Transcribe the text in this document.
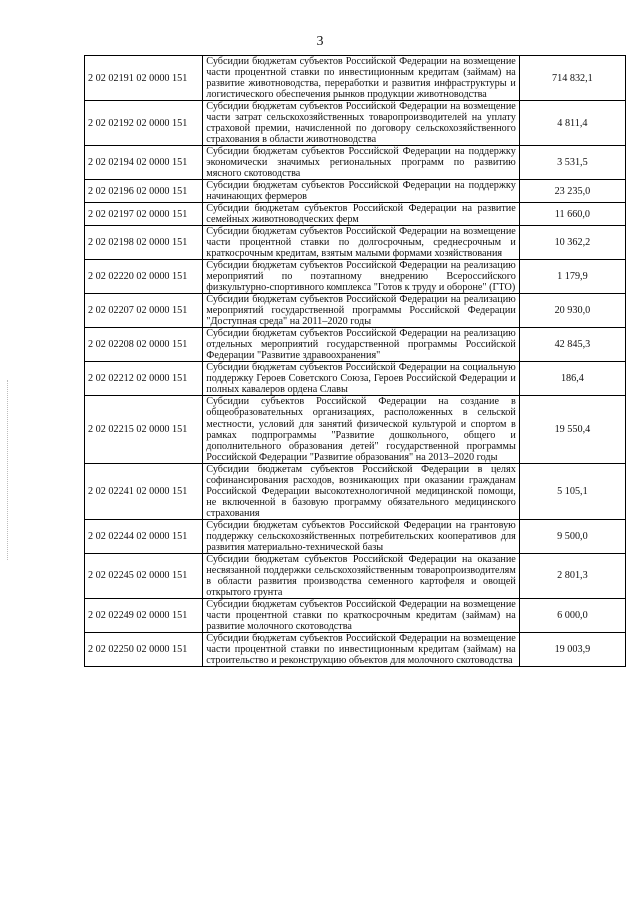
3
2 02 02191 02 0000 151	Субсидии бюджетам субъектов Российской Федерации на возмещение части процентной ставки по инвестиционным кредитам (займам) на развитие животноводства, переработки и развития инфраструктуры и логистического обеспечения рынков продукции животноводства	714 832,1
2 02 02192 02 0000 151	Субсидии бюджетам субъектов Российской Федерации на возмещение части затрат сельскохозяйственных товаропроизводителей на уплату страховой премии, начисленной по договору сельскохозяйственного страхования в области животноводства	4 811,4
2 02 02194 02 0000 151	Субсидии бюджетам субъектов Российской Федерации на поддержку экономически значимых региональных программ по развитию мясного скотоводства	3 531,5
2 02 02196 02 0000 151	Субсидии бюджетам субъектов Российской Федерации на поддержку начинающих фермеров	23 235,0
2 02 02197 02 0000 151	Субсидии бюджетам субъектов Российской Федерации на развитие семейных животноводческих ферм	11 660,0
2 02 02198 02 0000 151	Субсидии бюджетам субъектов Российской Федерации на возмещение части процентной ставки по долгосрочным, среднесрочным и краткосрочным кредитам, взятым малыми формами хозяйствования	10 362,2
2 02 02220 02 0000 151	Субсидии бюджетам субъектов Российской Федерации на реализацию мероприятий по поэтапному внедрению Всероссийского физкультурно-спортивного комплекса "Готов к труду и обороне" (ГТО)	1 179,9
2 02 02207 02 0000 151	Субсидии бюджетам субъектов Российской Федерации на реализацию мероприятий государственной программы Российской Федерации "Доступная среда" на 2011–2020 годы	20 930,0
2 02 02208 02 0000 151	Субсидии бюджетам субъектов Российской Федерации на реализацию отдельных мероприятий государственной программы Российской Федерации "Развитие здравоохранения"	42 845,3
2 02 02212 02 0000 151	Субсидии бюджетам субъектов Российской Федерации на социальную поддержку Героев Советского Союза, Героев Российской Федерации и полных кавалеров ордена Славы	186,4
2 02 02215 02 0000 151	Субсидии субъектов Российской Федерации на создание в общеобразовательных организациях, расположенных в сельской местности, условий для занятий физической культурой и спортом в рамках подпрограммы "Развитие дошкольного, общего и дополнительного образования детей" государственной программы Российской Федерации "Развитие образования" на 2013–2020 годы	19 550,4
2 02 02241 02 0000 151	Субсидии бюджетам субъектов Российской Федерации в целях софинансирования расходов, возникающих при оказании гражданам Российской Федерации высокотехнологичной медицинской помощи, не включенной в базовую программу обязательного медицинского страхования	5 105,1
2 02 02244 02 0000 151	Субсидии бюджетам субъектов Российской Федерации на грантовую поддержку сельскохозяйственных потребительских кооперативов для развития материально-технической базы	9 500,0
2 02 02245 02 0000 151	Субсидии бюджетам субъектов Российской Федерации на оказание несвязанной поддержки сельскохозяйственным товаропроизводителям в области развития производства семенного картофеля и овощей открытого грунта	2 801,3
2 02 02249 02 0000 151	Субсидии бюджетам субъектов Российской Федерации на возмещение части процентной ставки по краткосрочным кредитам (займам) на развитие молочного скотоводства	6 000,0
2 02 02250 02 0000 151	Субсидии бюджетам субъектов Российской Федерации на возмещение части процентной ставки по инвестиционным кредитам (займам) на строительство и реконструкцию объектов для молочного скотоводства	19 003,9
